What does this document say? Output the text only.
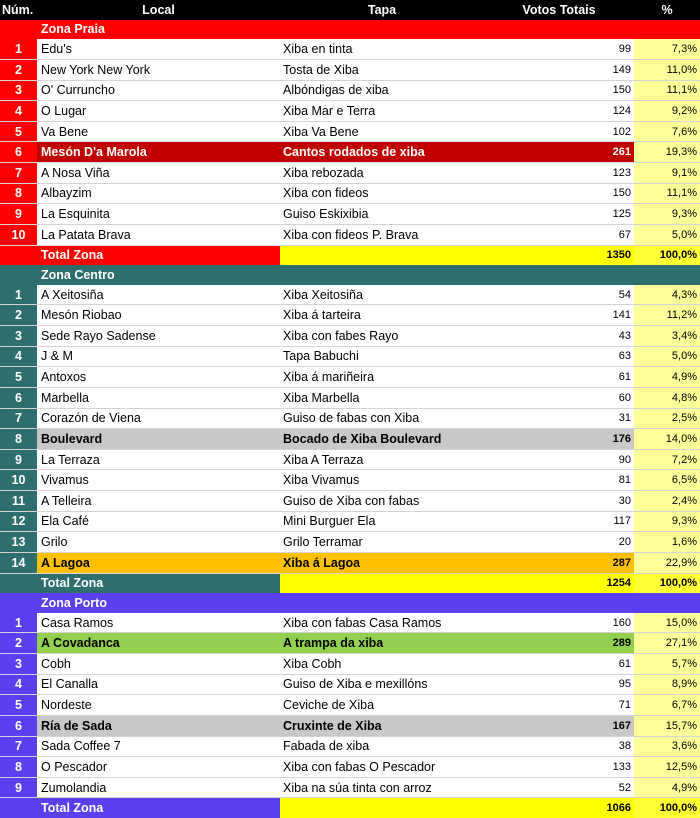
Núm.	Local	Tapa	Votos Totais	%
	Zona Praia			
1	Edu's	Xiba en tinta	99	7,3%
2	New York New York	Tosta de Xiba	149	11,0%
3	O' Curruncho	Albóndigas de xiba	150	11,1%
4	O Lugar	Xiba Mar e Terra	124	9,2%
5	Va Bene	Xiba Va Bene	102	7,6%
6	Mesón D'a Marola	Cantos rodados de xiba	261	19,3%
7	A Nosa Viña	Xiba rebozada	123	9,1%
8	Albayzim	Xiba con fideos	150	11,1%
9	La Esquinita	Guiso Eskixibia	125	9,3%
10	La Patata Brava	Xiba con fideos P. Brava	67	5,0%
	Total Zona		1350	100,0%
	Zona Centro			
1	A Xeitosiña	Xiba Xeitosiña	54	4,3%
2	Mesón Riobao	Xiba á tarteira	141	11,2%
3	Sede Rayo Sadense	Xiba con fabes Rayo	43	3,4%
4	J & M	Tapa Babuchi	63	5,0%
5	Antoxos	Xiba á mariñeira	61	4,9%
6	Marbella	Xiba Marbella	60	4,8%
7	Corazón de Viena	Guiso de fabas con Xiba	31	2,5%
8	Boulevard	Bocado de Xiba Boulevard	176	14,0%
9	La Terraza	Xiba A Terraza	90	7,2%
10	Vivamus	Xiba Vivamus	81	6,5%
11	A Telleira	Guiso de Xiba con fabas	30	2,4%
12	Ela Café	Mini Burguer Ela	117	9,3%
13	Grilo	Grilo Terramar	20	1,6%
14	A Lagoa	Xiba á Lagoa	287	22,9%
	Total Zona		1254	100,0%
	Zona Porto			
1	Casa Ramos	Xiba con fabas Casa Ramos	160	15,0%
2	A Covadanca	A trampa da xiba	289	27,1%
3	Cobh	Xiba Cobh	61	5,7%
4	El Canalla	Guiso de Xiba e mexillóns	95	8,9%
5	Nordeste	Ceviche de Xiba	71	6,7%
6	Ría de Sada	Cruxinte de Xiba	167	15,7%
7	Sada Coffee 7	Fabada de xiba	38	3,6%
8	O Pescador	Xiba con fabas O Pescador	133	12,5%
9	Zumolandia	Xiba na súa tinta con arroz	52	4,9%
	Total Zona		1066	100,0%
